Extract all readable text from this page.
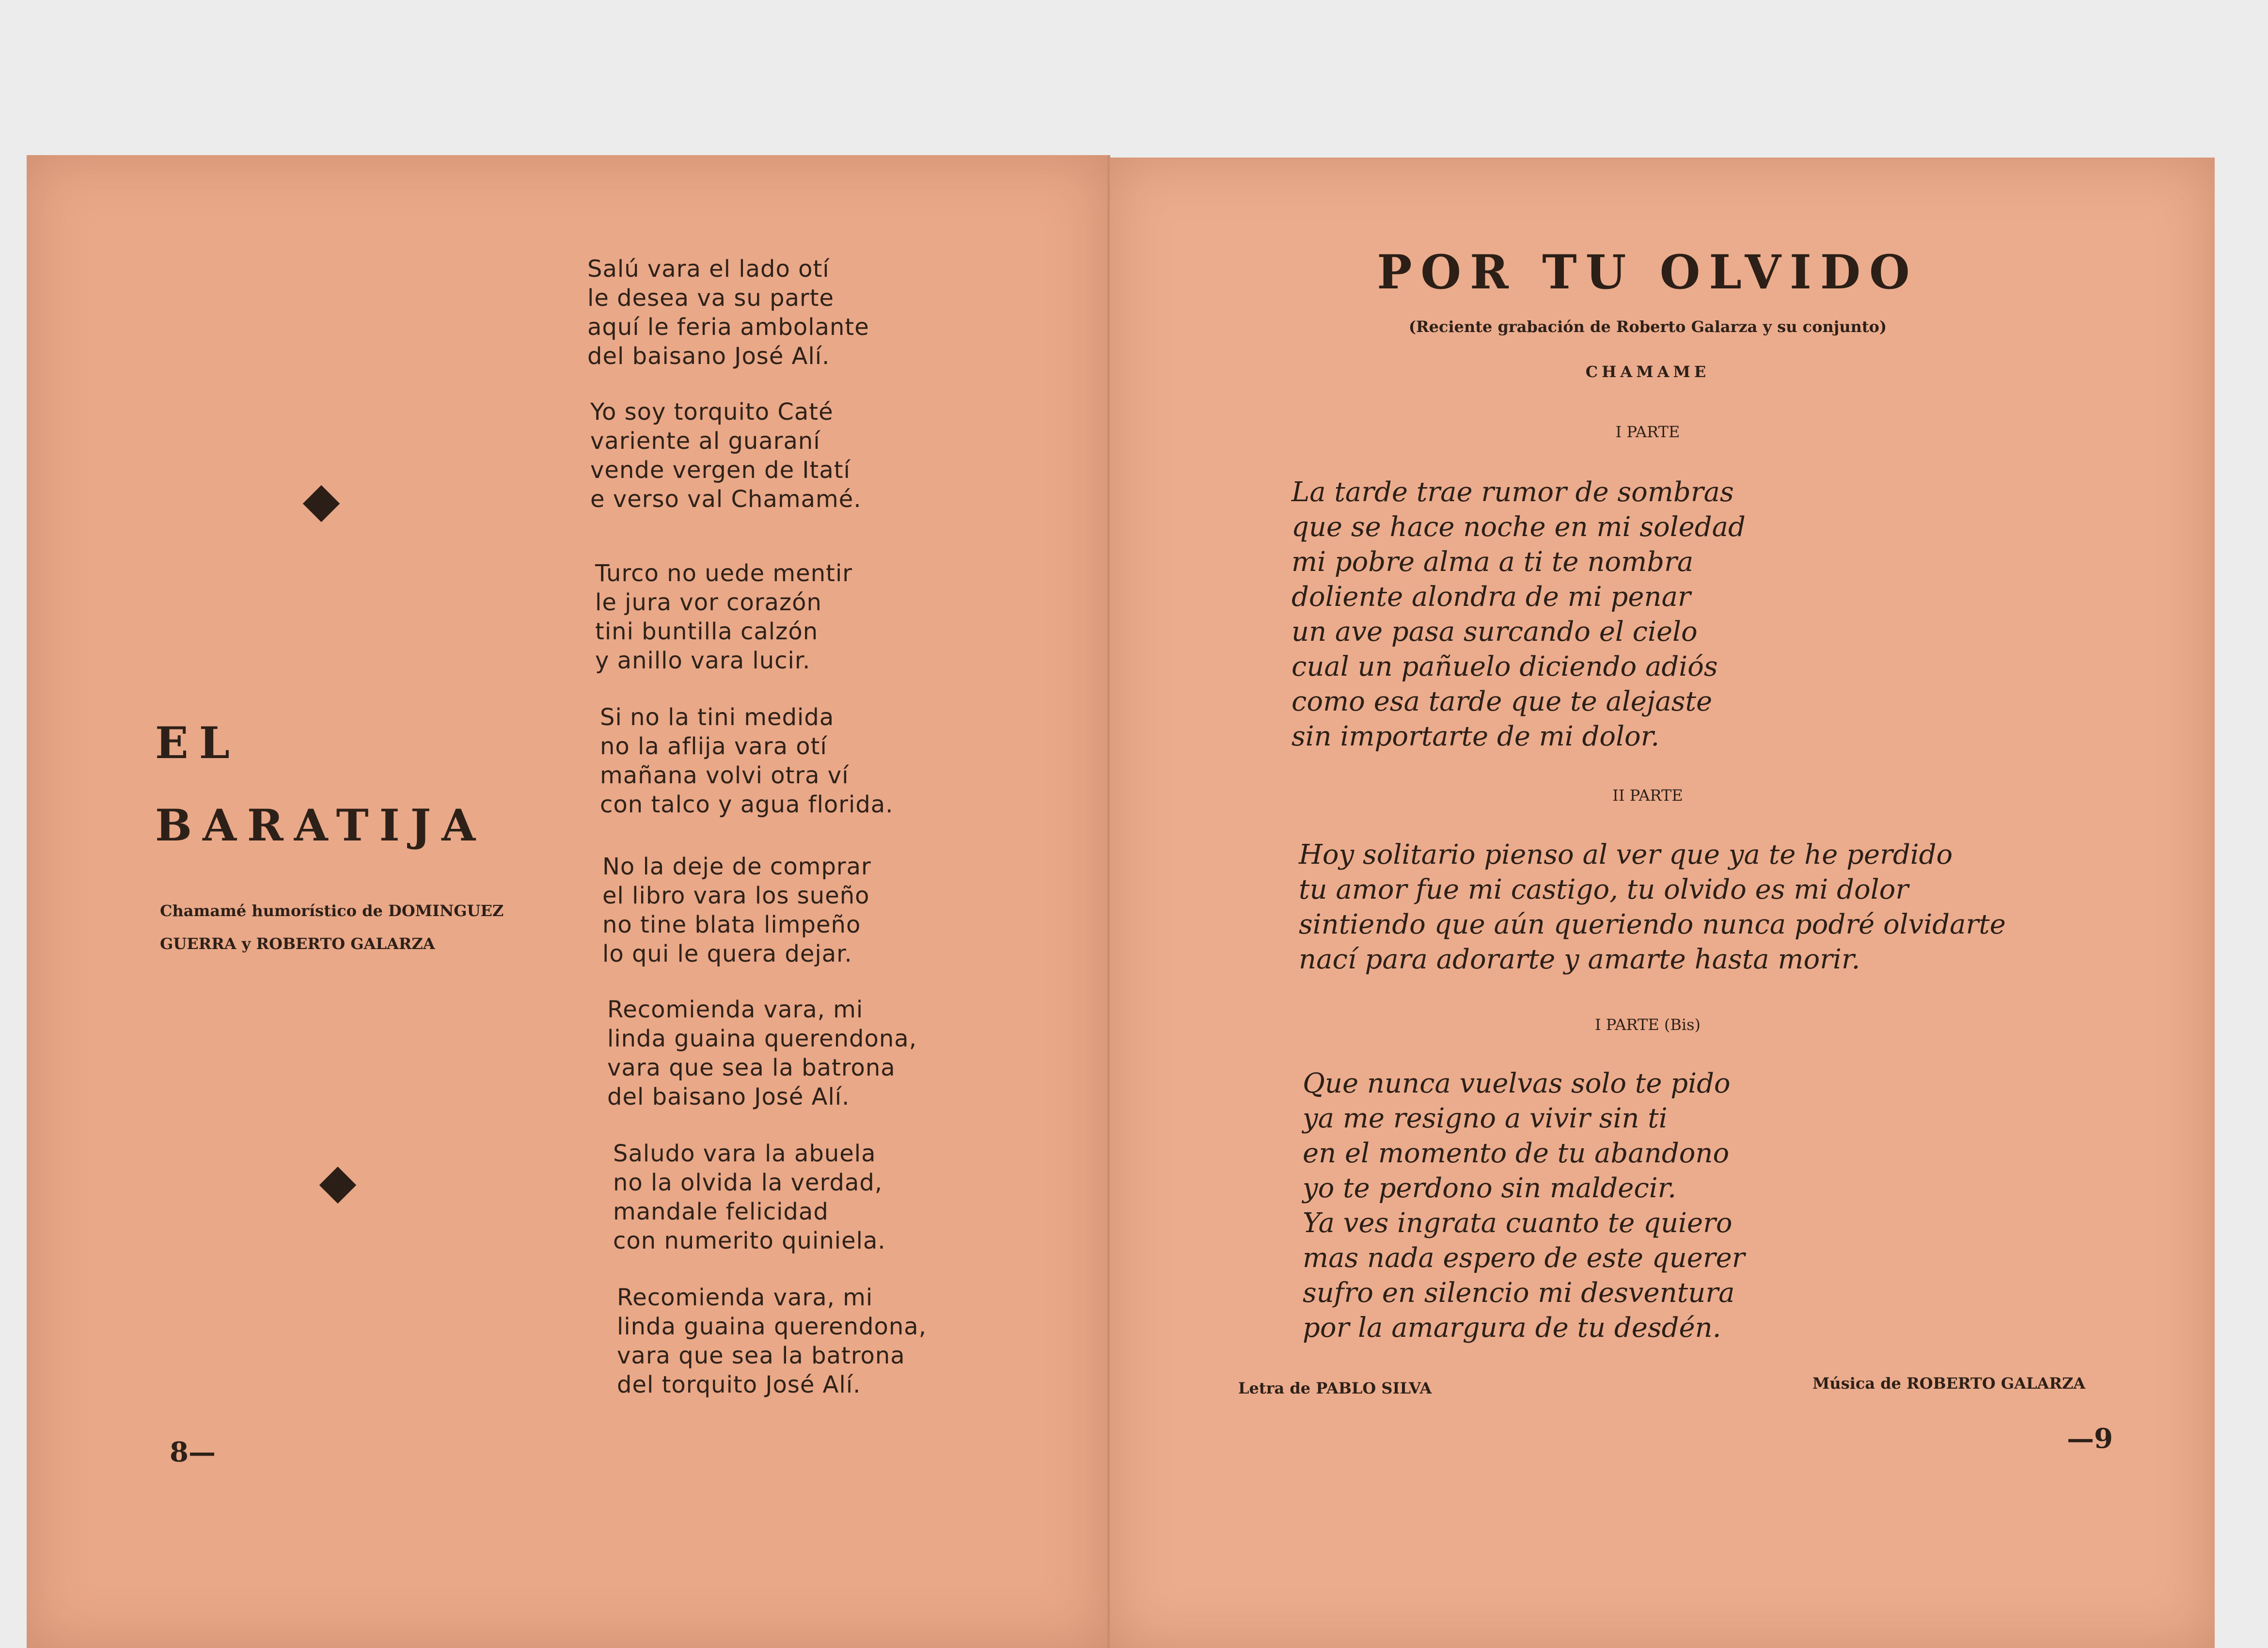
EL
BARATIJA
Chamamé humorístico de DOMINGUEZ
GUERRA y ROBERTO GALARZA
Salú vara el lado otí
le desea va su parte
aquí le feria ambolante
del baisano José Alí.
Yo soy torquito Caté
variente al guaraní
vende vergen de Itatí
e verso val Chamamé.
Turco no uede mentir
le jura vor corazón
tini buntilla calzón
y anillo vara lucir.
Si no la tini medida
no la aflija vara otí
mañana volvi otra ví
con talco y agua florida.
No la deje de comprar
el libro vara los sueño
no tine blata limpeño
lo qui le quera dejar.
Recomienda vara, mi
linda guaina querendona,
vara que sea la batrona
del baisano José Alí.
Saludo vara la abuela
no la olvida la verdad,
mandale felicidad
con numerito quiniela.
Recomienda vara, mi
linda guaina querendona,
vara que sea la batrona
del torquito José Alí.
8—
POR TU OLVIDO
(Reciente grabación de Roberto Galarza y su conjunto)
CHAMAME
I PARTE
La tarde trae rumor de sombras
que se hace noche en mi soledad
mi pobre alma a ti te nombra
doliente alondra de mi penar
un ave pasa surcando el cielo
cual un pañuelo diciendo adiós
como esa tarde que te alejaste
sin importarte de mi dolor.
II PARTE
Hoy solitario pienso al ver que ya te he perdido
tu amor fue mi castigo, tu olvido es mi dolor
sintiendo que aún queriendo nunca podré olvidarte
nací para adorarte y amarte hasta morir.
I PARTE (Bis)
Que nunca vuelvas solo te pido
ya me resigno a vivir sin ti
en el momento de tu abandono
yo te perdono sin maldecir.
Ya ves ingrata cuanto te quiero
mas nada espero de este querer
sufro en silencio mi desventura
por la amargura de tu desdén.
Letra de PABLO SILVA	Música de ROBERTO GALARZA
—9
